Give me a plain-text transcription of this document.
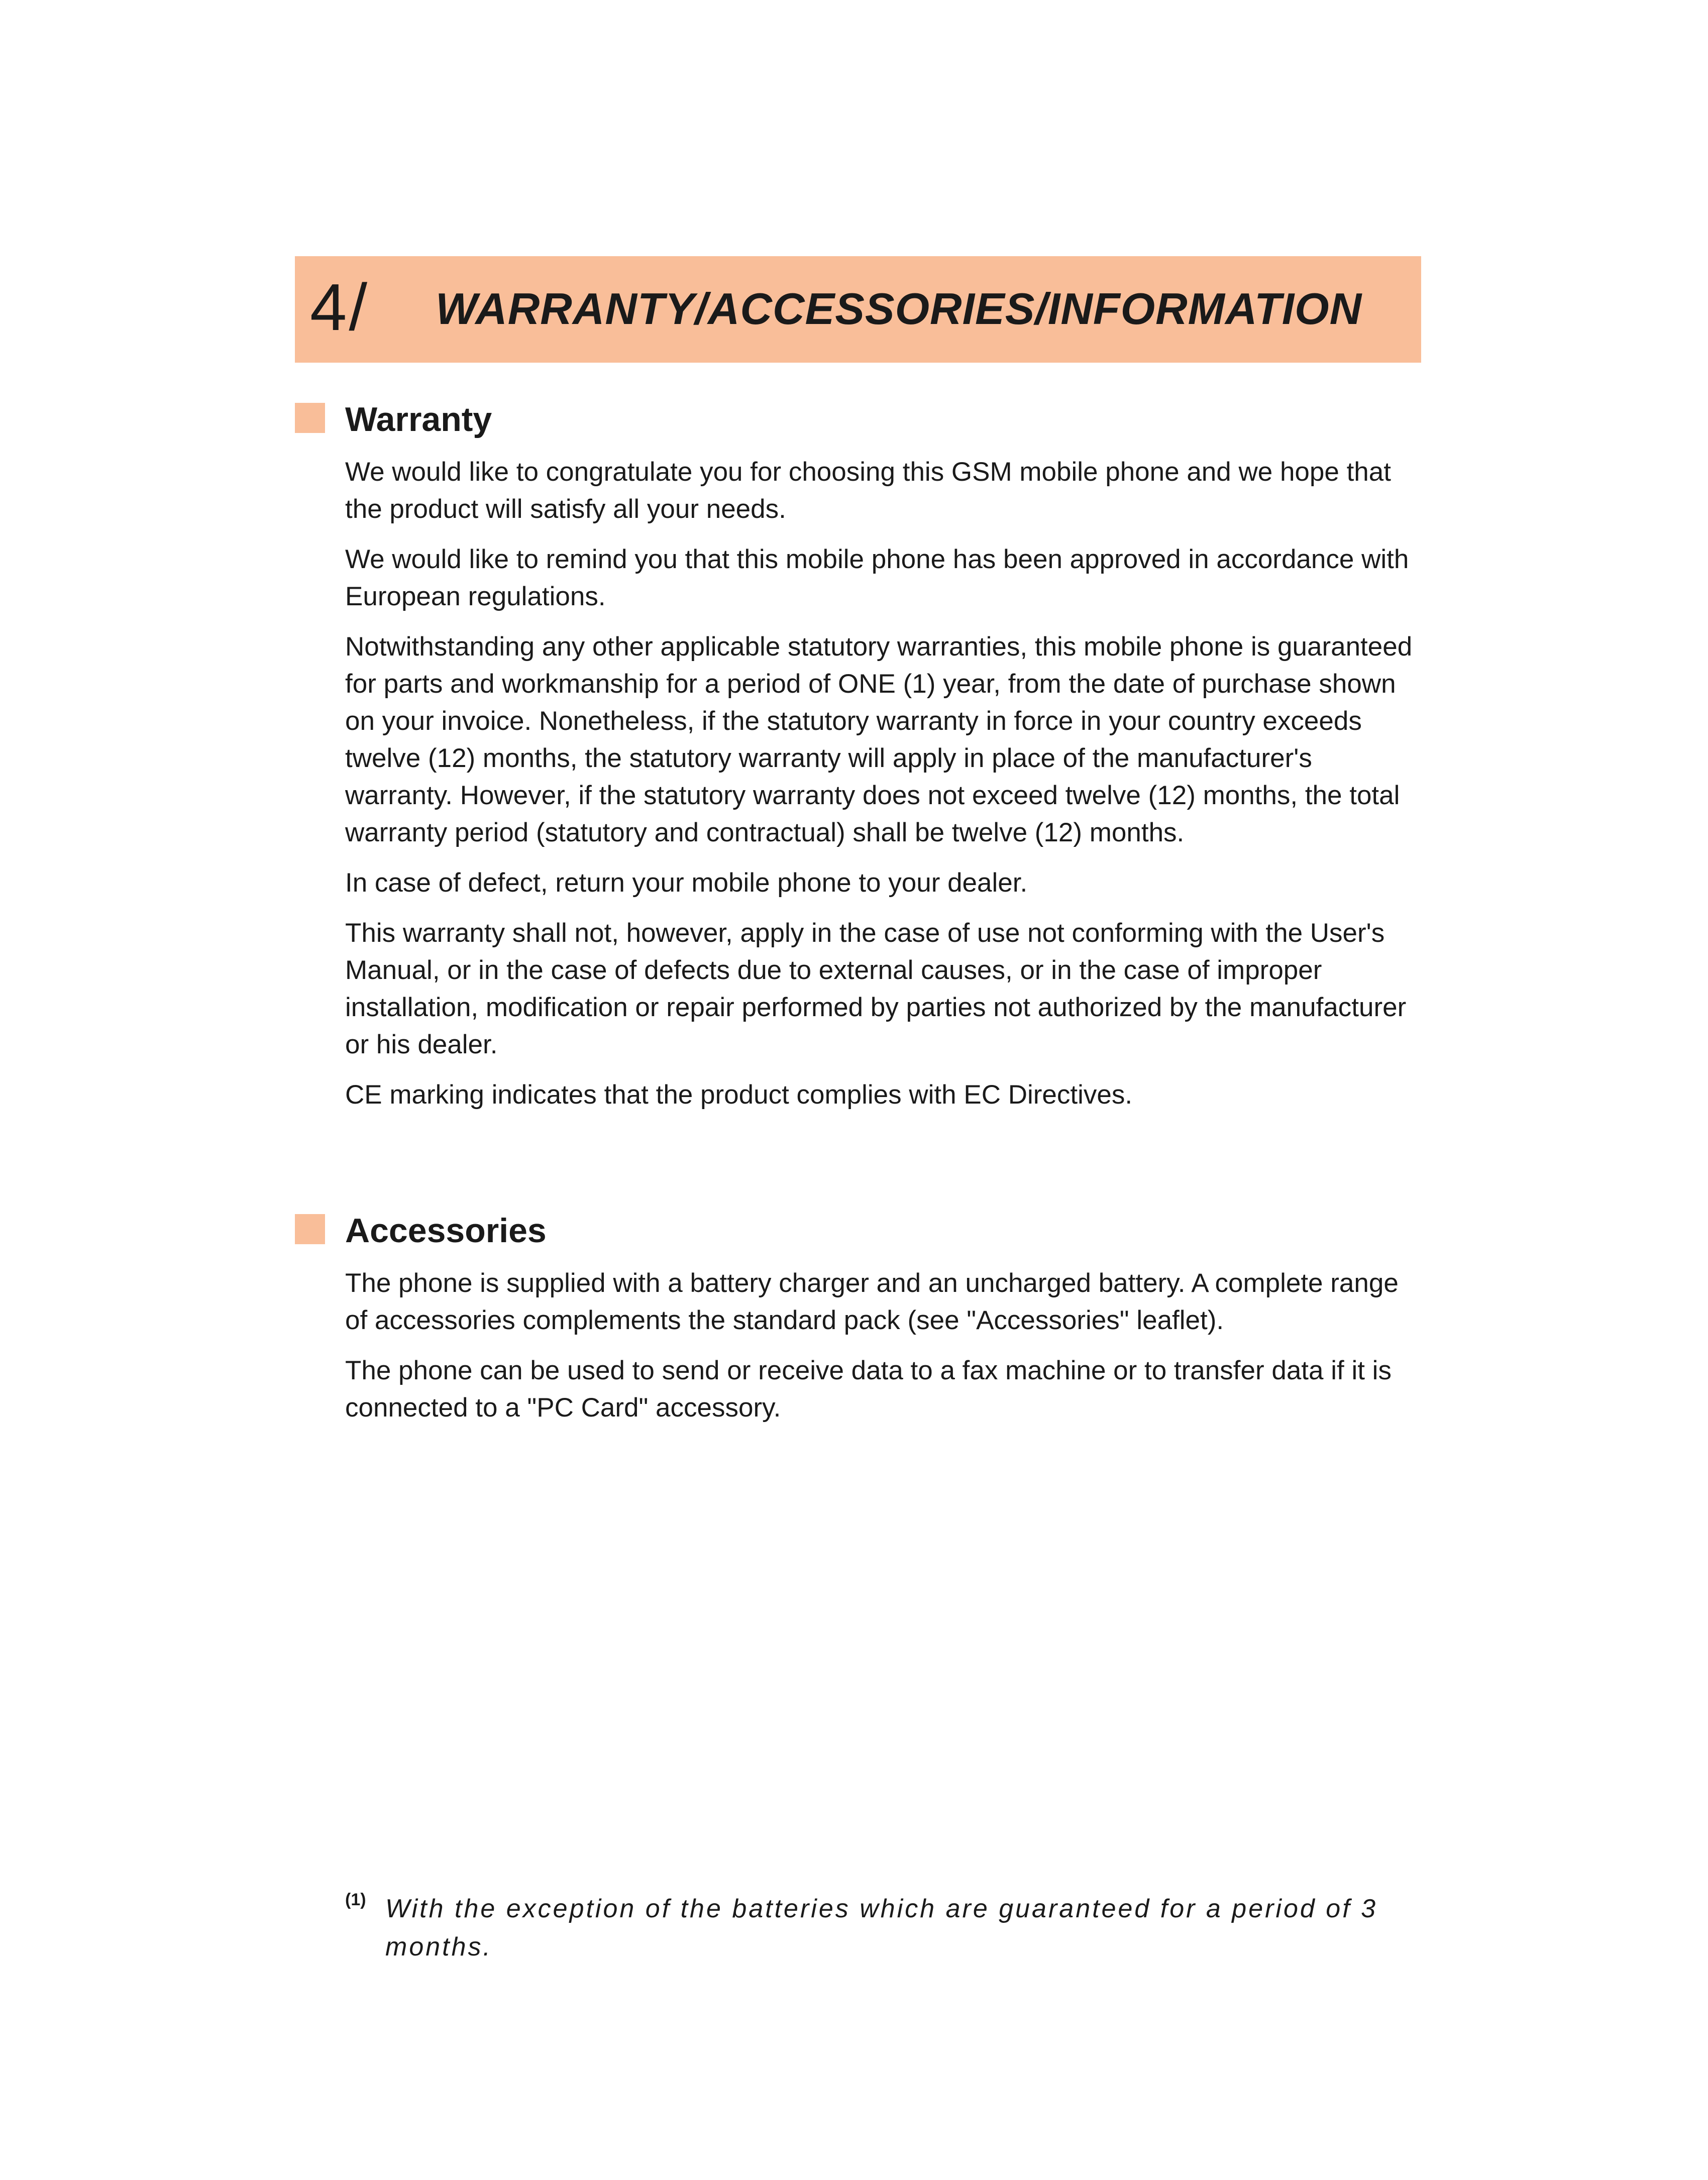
4/ WARRANTY/ACCESSORIES/INFORMATION
Warranty

We would like to congratulate you for choosing this GSM mobile phone and we hope that the product will satisfy all your needs.

We would like to remind you that this mobile phone has been approved in accordance with European regulations.

Notwithstanding any other applicable statutory warranties, this mobile phone is guaranteed for parts and workmanship for a period of ONE (1) year, from the date of purchase shown on your invoice. Nonetheless, if the statutory warranty in force in your country exceeds twelve (12) months, the statutory warranty will apply in place of the manufacturer's warranty. However, if the statutory warranty does not exceed twelve (12) months, the total warranty period (statutory and contractual) shall be twelve (12) months.

In case of defect, return your mobile phone to your dealer.

This warranty shall not, however, apply in the case of use not conforming with the User's Manual, or in the case of defects due to external causes, or in the case of improper installation, modification or repair performed by parties not authorized by the manufacturer or his dealer.

CE marking indicates that the product complies with EC Directives.

Accessories

The phone is supplied with a battery charger and an uncharged battery. A complete range of accessories complements the standard pack (see "Accessories" leaflet).

The phone can be used to send or receive data to a fax machine or to transfer data if it is connected to a "PC Card" accessory.

(1) With the exception of the batteries which are guaranteed for a period of 3 months.
